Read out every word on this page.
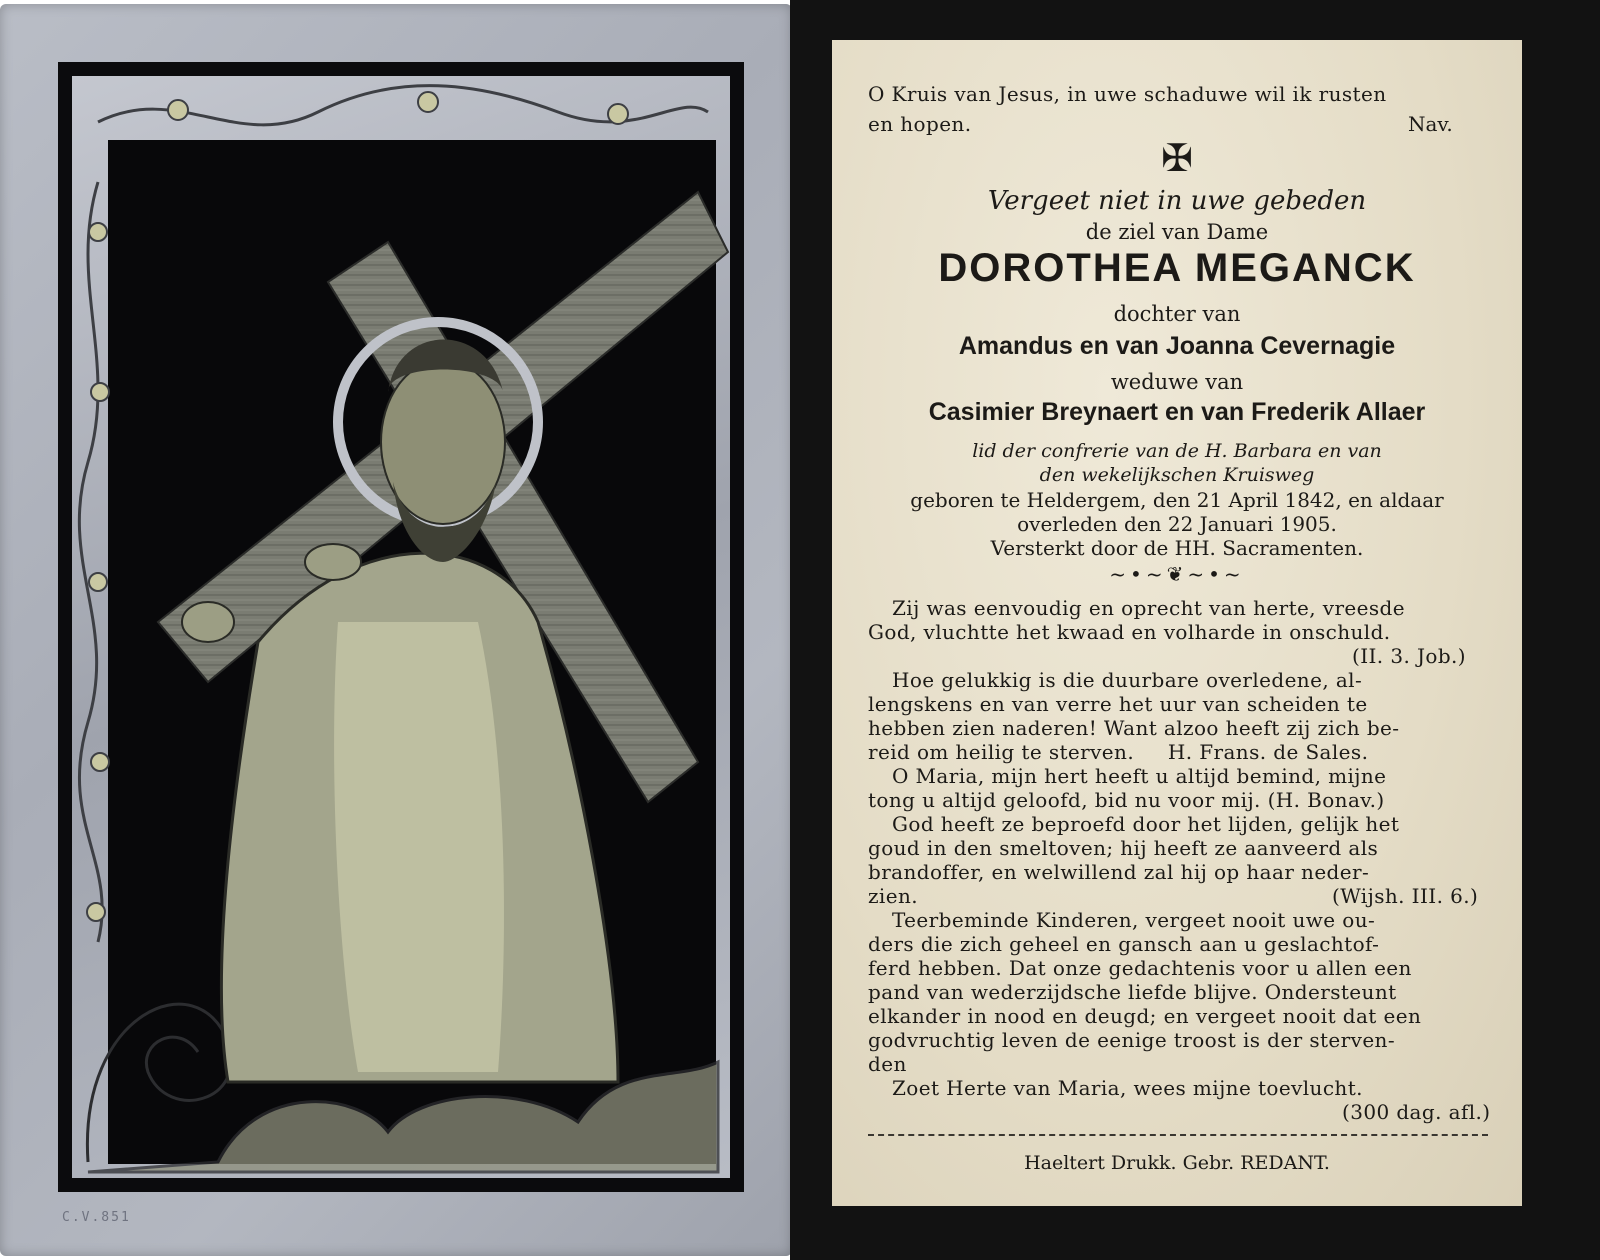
C.V.851
O Kruis van Jesus, in uwe schaduwe wil ik rusten
en hopen.	Nav.
✠
Vergeet niet in uwe gebeden
de ziel van Dame
DOROTHEA MEGANCK
dochter van
Amandus en van Joanna Cevernagie
weduwe van
Casimier Breynaert en van Frederik Allaer
lid der confrerie van de H. Barbara en van
den wekelijkschen Kruisweg
geboren te Heldergem, den 21 April 1842, en aldaar
overleden den 22 Januari 1905.
Versterkt door de HH. Sacramenten.
~•~❦~•~
Zij was eenvoudig en oprecht van herte, vreesde
God, vluchtte het kwaad en volharde in onschuld.
(II. 3. Job.)
Hoe gelukkig is die duurbare overledene, al-
lengskens en van verre het uur van scheiden te
hebben zien naderen! Want alzoo heeft zij zich be-
reid om heilig te sterven.     H. Frans. de Sales.
O Maria, mijn hert heeft u altijd bemind, mijne
tong u altijd geloofd, bid nu voor mij. (H. Bonav.)
God heeft ze beproefd door het lijden, gelijk het
goud in den smeltoven; hij heeft ze aanveerd als
brandoffer, en welwillend zal hij op haar neder-
zien.	(Wijsh. III. 6.)
Teerbeminde Kinderen, vergeet nooit uwe ou-
ders die zich geheel en gansch aan u geslachtof-
ferd hebben. Dat onze gedachtenis voor u allen een
pand van wederzijdsche liefde blijve. Ondersteunt
elkander in nood en deugd; en vergeet nooit dat een
godvruchtig leven de eenige troost is der sterven-
den
Zoet Herte van Maria, wees mijne toevlucht.
(300 dag. afl.)
Haeltert Drukk. Gebr. REDANT.
